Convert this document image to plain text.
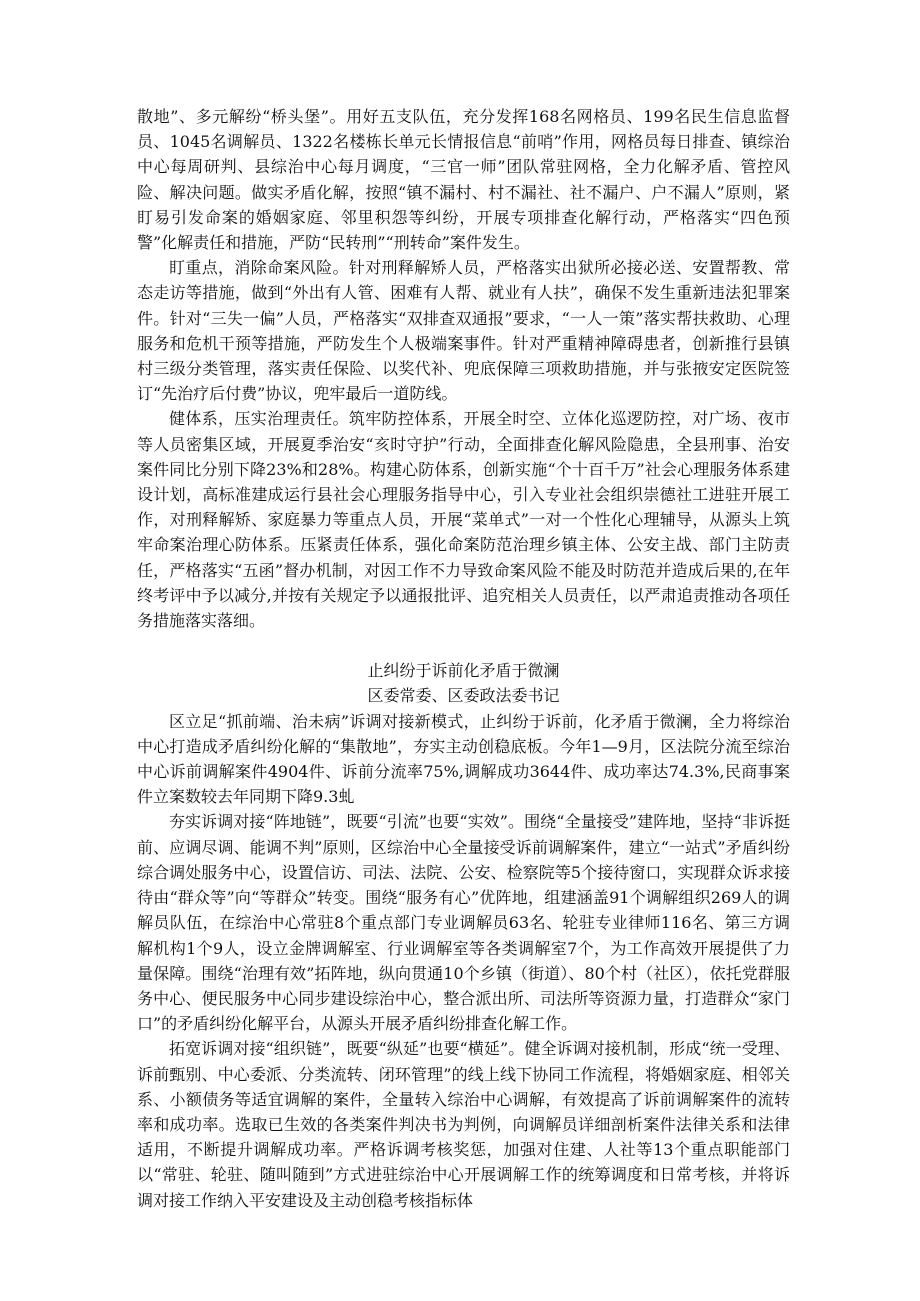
散地”、多元解纷“桥头堡”。用好五支队伍，充分发挥168名网格员、199名民生信息监督员、1045名调解员、1322名楼栋长单元长情报信息“前哨”作用，网格员每日排查、镇综治中心每周研判、县综治中心每月调度，“三官一师”团队常驻网格，全力化解矛盾、管控风险、解决问题。做实矛盾化解，按照“镇不漏村、村不漏社、社不漏户、户不漏人”原则，紧盯易引发命案的婚姻家庭、邻里积怨等纠纷，开展专项排查化解行动，严格落实“四色预警”化解责任和措施，严防“民转刑”“刑转命”案件发生。

盯重点，消除命案风险。针对刑释解矫人员，严格落实出狱所必接必送、安置帮教、常态走访等措施，做到“外出有人管、困难有人帮、就业有人扶”，确保不发生重新违法犯罪案件。针对“三失一偏”人员，严格落实“双排查双通报”要求，“一人一策”落实帮扶救助、心理服务和危机干预等措施，严防发生个人极端案事件。针对严重精神障碍患者，创新推行县镇村三级分类管理，落实责任保险、以奖代补、兜底保障三项救助措施，并与张掖安定医院签订“先治疗后付费”协议，兜牢最后一道防线。

健体系，压实治理责任。筑牢防控体系，开展全时空、立体化巡逻防控，对广场、夜市等人员密集区域，开展夏季治安“亥时守护”行动，全面排查化解风险隐患，全县刑事、治安案件同比分别下降23%和28%。构建心防体系，创新实施“个十百千万”社会心理服务体系建设计划，高标准建成运行县社会心理服务指导中心，引入专业社会组织崇德社工进驻开展工作，对刑释解矫、家庭暴力等重点人员，开展“菜单式”一对一个性化心理辅导，从源头上筑牢命案治理心防体系。压紧责任体系，强化命案防范治理乡镇主体、公安主战、部门主防责任，严格落实“五函”督办机制，对因工作不力导致命案风险不能及时防范并造成后果的,在年终考评中予以减分,并按有关规定予以通报批评、追究相关人员责任，以严肃追责推动各项任务措施落实落细。

止纠纷于诉前化矛盾于微澜

区委常委、区委政法委书记

区立足“抓前端、治未病”诉调对接新模式，止纠纷于诉前，化矛盾于微澜，全力将综治中心打造成矛盾纠纷化解的“集散地”，夯实主动创稳底板。今年1—9月，区法院分流至综治中心诉前调解案件4904件、诉前分流率75%,调解成功3644件、成功率达74.3%,民商事案件立案数较去年同期下降9.3虬

夯实诉调对接“阵地链”，既要“引流”也要“实效”。围绕“全量接受”建阵地，坚持“非诉挺前、应调尽调、能调不判”原则，区综治中心全量接受诉前调解案件，建立“一站式”矛盾纠纷综合调处服务中心，设置信访、司法、法院、公安、检察院等5个接待窗口，实现群众诉求接待由“群众等”向“等群众”转变。围绕“服务有心”优阵地，组建涵盖91个调解组织269人的调解员队伍，在综治中心常驻8个重点部门专业调解员63名、轮驻专业律师116名、第三方调解机构1个9人，设立金牌调解室、行业调解室等各类调解室7个，为工作高效开展提供了力量保障。围绕“治理有效”拓阵地，纵向贯通10个乡镇（街道）、80个村（社区），依托党群服务中心、便民服务中心同步建设综治中心，整合派出所、司法所等资源力量，打造群众“家门口”的矛盾纠纷化解平台，从源头开展矛盾纠纷排查化解工作。

拓宽诉调对接“组织链”，既要“纵延”也要“横延”。健全诉调对接机制，形成“统一受理、诉前甄别、中心委派、分类流转、闭环管理”的线上线下协同工作流程，将婚姻家庭、相邻关系、小额债务等适宜调解的案件，全量转入综治中心调解，有效提高了诉前调解案件的流转率和成功率。选取已生效的各类案件判决书为判例，向调解员详细剖析案件法律关系和法律适用，不断提升调解成功率。严格诉调考核奖惩，加强对住建、人社等13个重点职能部门以“常驻、轮驻、随叫随到”方式进驻综治中心开展调解工作的统筹调度和日常考核，并将诉调对接工作纳入平安建设及主动创稳考核指标体
